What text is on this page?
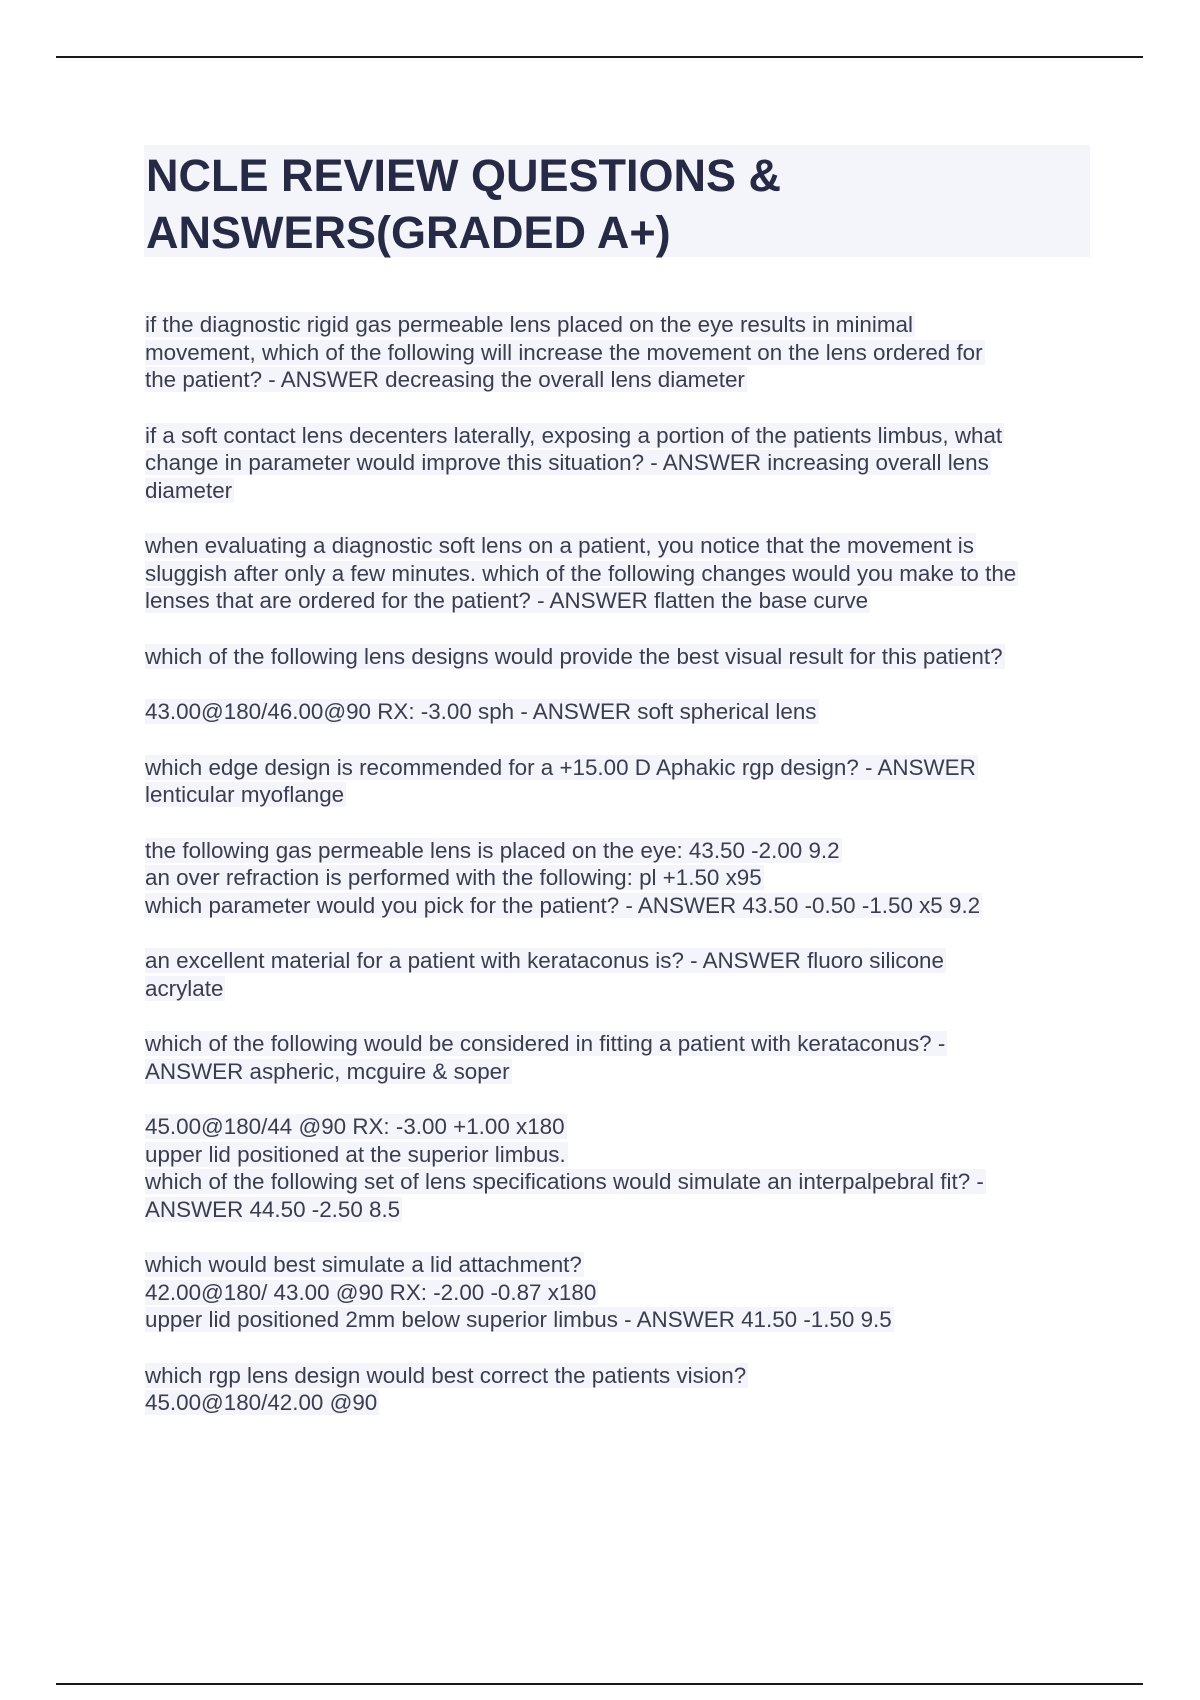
NCLE REVIEW QUESTIONS &
ANSWERS(GRADED A+)
if the diagnostic rigid gas permeable lens placed on the eye results in minimal
movement, which of the following will increase the movement on the lens ordered for
the patient? - ANSWER decreasing the overall lens diameter
if a soft contact lens decenters laterally, exposing a portion of the patients limbus, what
change in parameter would improve this situation? - ANSWER increasing overall lens
diameter
when evaluating a diagnostic soft lens on a patient, you notice that the movement is
sluggish after only a few minutes. which of the following changes would you make to the
lenses that are ordered for the patient? - ANSWER flatten the base curve
which of the following lens designs would provide the best visual result for this patient?
43.00@180/46.00@90 RX: -3.00 sph - ANSWER soft spherical lens
which edge design is recommended for a +15.00 D Aphakic rgp design? - ANSWER
lenticular myoflange
the following gas permeable lens is placed on the eye: 43.50 -2.00 9.2
an over refraction is performed with the following: pl +1.50 x95
which parameter would you pick for the patient? - ANSWER 43.50 -0.50 -1.50 x5 9.2
an excellent material for a patient with kerataconus is? - ANSWER fluoro silicone
acrylate
which of the following would be considered in fitting a patient with kerataconus? -
ANSWER aspheric, mcguire & soper
45.00@180/44 @90 RX: -3.00 +1.00 x180
upper lid positioned at the superior limbus.
which of the following set of lens specifications would simulate an interpalpebral fit? -
ANSWER 44.50 -2.50 8.5
which would best simulate a lid attachment?
42.00@180/ 43.00 @90 RX: -2.00 -0.87 x180
upper lid positioned 2mm below superior limbus - ANSWER 41.50 -1.50 9.5
which rgp lens design would best correct the patients vision?
45.00@180/42.00 @90
